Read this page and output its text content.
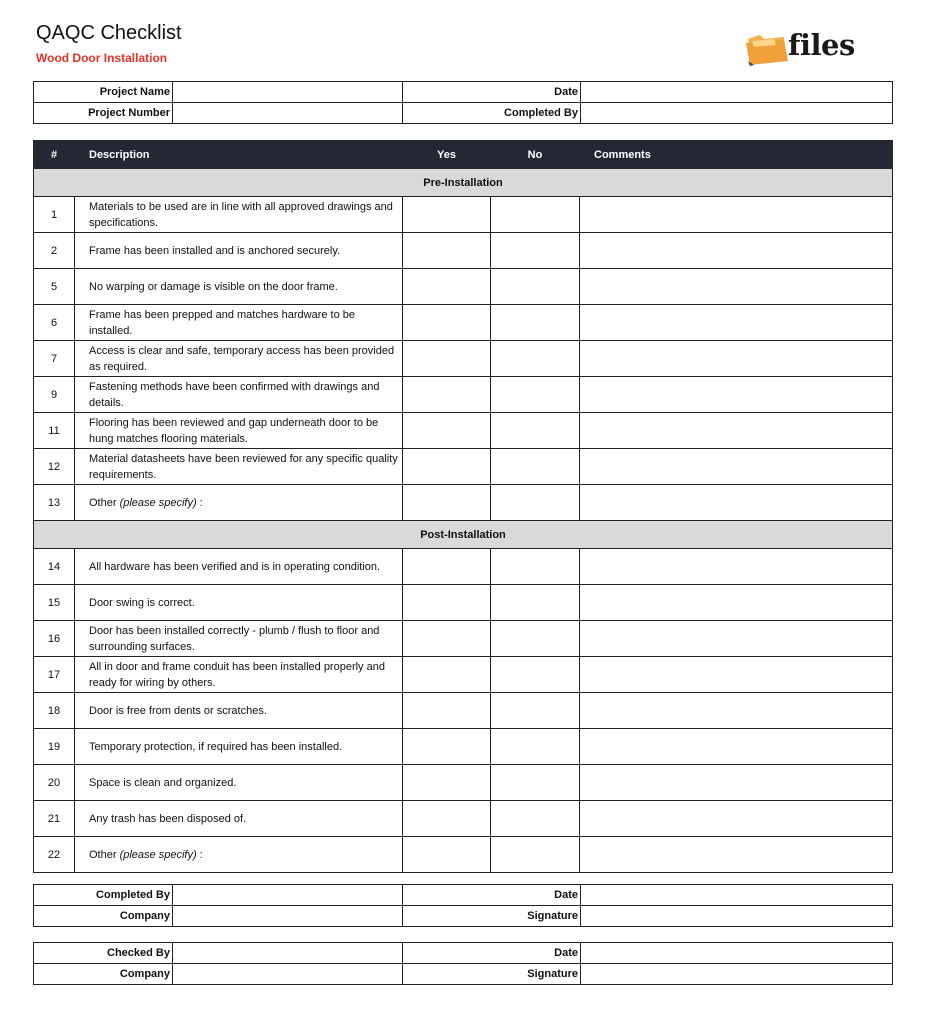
QAQC Checklist
Wood Door Installation	files
Project Name		Date	
Project Number		Completed By	
#	Description	Yes	No	Comments
Pre-Installation				
1	Materials to be used are in line with all approved drawings and specifications.			
2	Frame has been installed and is anchored securely.			
5	No warping or damage is visible on the door frame.			
6	Frame has been prepped and matches hardware to be installed.			
7	Access is clear and safe, temporary access has been provided as required.			
9	Fastening methods have been confirmed with drawings and details.			
11	Flooring has been reviewed and gap underneath door to be hung matches flooring materials.			
12	Material datasheets have been reviewed for any specific quality requirements.			
13	Other (please specify) :			
Post-Installation				
14	All hardware has been verified and is in operating condition.			
15	Door swing is correct.			
16	Door has been installed correctly - plumb / flush to floor and surrounding surfaces.			
17	All in door and frame conduit has been installed properly and ready for wiring by others.			
18	Door is free from dents or scratches.			
19	Temporary protection, if required has been installed.			
20	Space is clean and organized.			
21	Any trash has been disposed of.			
22	Other (please specify) :			
Completed By		Date	
Company		Signature	
Checked By		Date	
Company		Signature	
